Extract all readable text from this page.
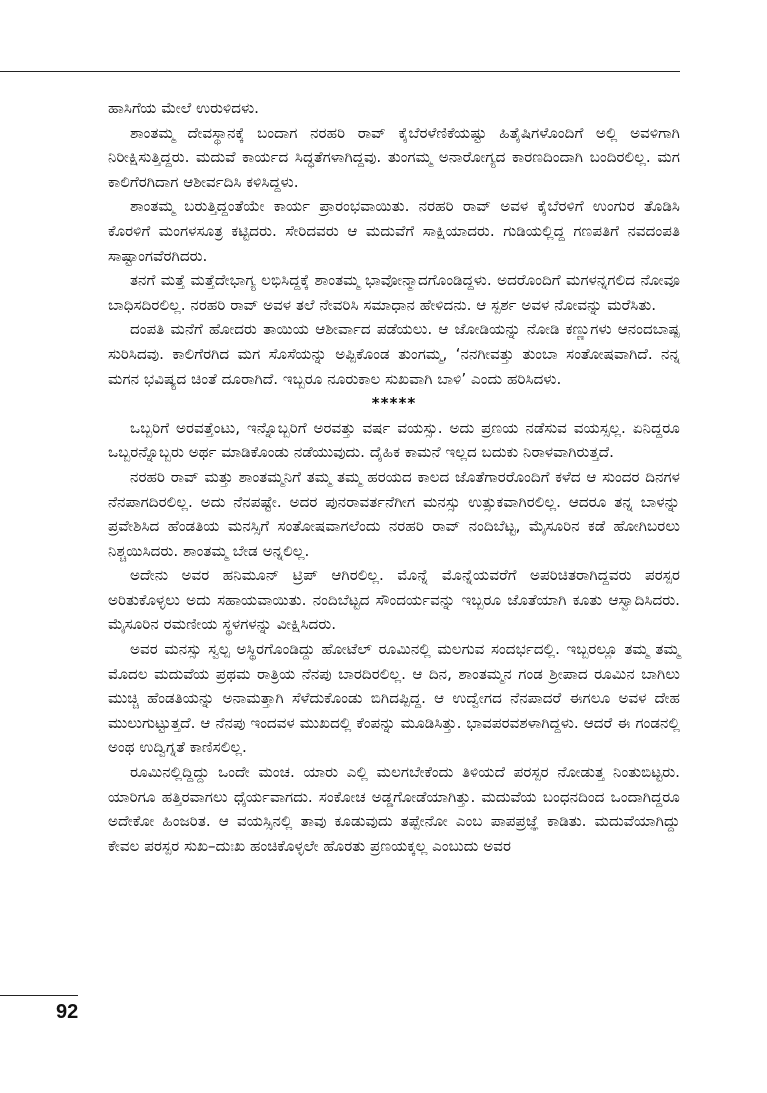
ಹಾಸಿಗೆಯ ಮೇಲೆ ಉರುಳಿದಳು.

ಶಾಂತಮ್ಮ ದೇವಸ್ಥಾನಕ್ಕೆ ಬಂದಾಗ ನರಹರಿ ರಾವ್ ಕೈಬೆರಳೆಣಿಕೆಯಷ್ಟು ಹಿತೈಷಿಗಳೊಂದಿಗೆ ಅಲ್ಲಿ ಅವಳಿಗಾಗಿ ನಿರೀಕ್ಷಿಸುತ್ತಿದ್ದರು. ಮದುವೆ ಕಾರ್ಯದ ಸಿದ್ಧತೆಗಳಾಗಿದ್ದವು. ತುಂಗಮ್ಮ ಅನಾರೋಗ್ಯದ ಕಾರಣದಿಂದಾಗಿ ಬಂದಿರಲಿಲ್ಲ. ಮಗ ಕಾಲಿಗೆರಗಿದಾಗ ಆಶೀರ್ವದಿಸಿ ಕಳಿಸಿದ್ದಳು.

ಶಾಂತಮ್ಮ ಬರುತ್ತಿದ್ದಂತೆಯೇ ಕಾರ್ಯ ಪ್ರಾರಂಭವಾಯಿತು. ನರಹರಿ ರಾವ್ ಅವಳ ಕೈಬೆರಳಿಗೆ ಉಂಗುರ ತೊಡಿಸಿ ಕೊರಳಿಗೆ ಮಂಗಳಸೂತ್ರ ಕಟ್ಟಿದರು. ಸೇರಿದವರು ಆ ಮದುವೆಗೆ ಸಾಕ್ಷಿಯಾದರು. ಗುಡಿಯಲ್ಲಿದ್ದ ಗಣಪತಿಗೆ ನವದಂಪತಿ ಸಾಷ್ಟಾಂಗವೆರಗಿದರು.

ತನಗೆ ಮತ್ತೆ ಮತ್ತೆದೇಭಾಗ್ಯ ಲಭಿಸಿದ್ದಕ್ಕೆ ಶಾಂತಮ್ಮ ಭಾವೋನ್ಮಾದಗೊಂಡಿದ್ದಳು. ಅದರೊಂದಿಗೆ ಮಗಳನ್ನಗಲಿದ ನೋವೂ ಬಾಧಿಸದಿರಲಿಲ್ಲ. ನರಹರಿ ರಾವ್ ಅವಳ ತಲೆ ನೇವರಿಸಿ ಸಮಾಧಾನ ಹೇಳಿದನು. ಆ ಸ್ಪರ್ಶ ಅವಳ ನೋವನ್ನು ಮರೆಸಿತು.

ದಂಪತಿ ಮನೆಗೆ ಹೋದರು ತಾಯಿಯ ಆಶೀರ್ವಾದ ಪಡೆಯಲು. ಆ ಜೋಡಿಯನ್ನು ನೋಡಿ ಕಣ್ಣುಗಳು ಆನಂದಬಾಷ್ಪ ಸುರಿಸಿದವು. ಕಾಲಿಗೆರಗಿದ ಮಗ ಸೊಸೆಯನ್ನು ಅಪ್ಪಿಕೊಂಡ ತುಂಗಮ್ಮ, ‘ನನಗೀವತ್ತು ತುಂಬಾ ಸಂತೋಷವಾಗಿದೆ. ನನ್ನ ಮಗನ ಭವಿಷ್ಯದ ಚಿಂತೆ ದೂರಾಗಿದೆ. ಇಬ್ಬರೂ ನೂರುಕಾಲ ಸುಖವಾಗಿ ಬಾಳಿ’ ಎಂದು ಹರಿಸಿದಳು.

*****

ಒಬ್ಬರಿಗೆ ಅರವತ್ತೆಂಟು, ಇನ್ನೊಬ್ಬರಿಗೆ ಅರವತ್ತು ವರ್ಷ ವಯಸ್ಸು. ಅದು ಪ್ರಣಯ ನಡೆಸುವ ವಯಸ್ಸಲ್ಲ. ಏನಿದ್ದರೂ ಒಬ್ಬರನ್ನೊಬ್ಬರು ಅರ್ಥ ಮಾಡಿಕೊಂಡು ನಡೆಯುವುದು. ದೈಹಿಕ ಕಾಮನೆ ಇಲ್ಲದ ಬದುಕು ನಿರಾಳವಾಗಿರುತ್ತದೆ.

ನರಹರಿ ರಾವ್ ಮತ್ತು ಶಾಂತಮ್ಮನಿಗೆ ತಮ್ಮ ತಮ್ಮ ಹರಯದ ಕಾಲದ ಜೊತೆಗಾರರೊಂದಿಗೆ ಕಳೆದ ಆ ಸುಂದರ ದಿನಗಳ ನೆನಪಾಗದಿರಲಿಲ್ಲ. ಅದು ನೆನಪಷ್ಟೇ. ಅದರ ಪುನರಾವರ್ತನೆಗೀಗ ಮನಸ್ಸು ಉತ್ಸುಕವಾಗಿರಲಿಲ್ಲ. ಆದರೂ ತನ್ನ ಬಾಳನ್ನು ಪ್ರವೇಶಿಸಿದ ಹೆಂಡತಿಯ ಮನಸ್ಸಿಗೆ ಸಂತೋಷವಾಗಲೆಂದು ನರಹರಿ ರಾವ್ ನಂದಿಬೆಟ್ಟ, ಮೈಸೂರಿನ ಕಡೆ ಹೋಗಿಬರಲು ನಿಶ್ಚಯಿಸಿದರು. ಶಾಂತಮ್ಮ ಬೇಡ ಅನ್ನಲಿಲ್ಲ.

ಅದೇನು ಅವರ ಹನಿಮೂನ್ ಟ್ರಿಪ್ ಆಗಿರಲಿಲ್ಲ. ಮೊನ್ನೆ ಮೊನ್ನೆಯವರೆಗೆ ಅಪರಿಚಿತರಾಗಿದ್ದವರು ಪರಸ್ಪರ ಅರಿತುಕೊಳ್ಳಲು ಅದು ಸಹಾಯವಾಯಿತು. ನಂದಿಬೆಟ್ಟದ ಸೌಂದರ್ಯವನ್ನು ಇಬ್ಬರೂ ಜೊತೆಯಾಗಿ ಕೂತು ಆಸ್ವಾದಿಸಿದರು. ಮೈಸೂರಿನ ರಮಣೀಯ ಸ್ಥಳಗಳನ್ನು ವೀಕ್ಷಿಸಿದರು.

ಅವರ ಮನಸ್ಸು ಸ್ವಲ್ಪ ಅಸ್ಥಿರಗೊಂಡಿದ್ದು ಹೋಟೆಲ್ ರೂಮಿನಲ್ಲಿ ಮಲಗುವ ಸಂದರ್ಭದಲ್ಲಿ. ಇಬ್ಬರಲ್ಲೂ ತಮ್ಮ ತಮ್ಮ ಮೊದಲ ಮದುವೆಯ ಪ್ರಥಮ ರಾತ್ರಿಯ ನೆನಪು ಬಾರದಿರಲಿಲ್ಲ. ಆ ದಿನ, ಶಾಂತಮ್ಮನ ಗಂಡ ಶ್ರೀಪಾದ ರೂಮಿನ ಬಾಗಿಲು ಮುಚ್ಚಿ ಹೆಂಡತಿಯನ್ನು ಅನಾಮತ್ತಾಗಿ ಸೆಳೆದುಕೊಂಡು ಬಿಗಿದಪ್ಪಿದ್ದ. ಆ ಉದ್ವೇಗದ ನೆನಪಾದರೆ ಈಗಲೂ ಅವಳ ದೇಹ ಮುಲುಗುಟ್ಟುತ್ತದೆ. ಆ ನೆನಪು ಇಂದವಳ ಮುಖದಲ್ಲಿ ಕೆಂಪನ್ನು ಮೂಡಿಸಿತ್ತು. ಭಾವಪರವಶಳಾಗಿದ್ದಳು. ಆದರೆ ಈ ಗಂಡನಲ್ಲಿ ಅಂಥ ಉದ್ವಿಗ್ನತೆ ಕಾಣಿಸಲಿಲ್ಲ.

ರೂಮಿನಲ್ಲಿದ್ದಿದ್ದು ಒಂದೇ ಮಂಚ. ಯಾರು ಎಲ್ಲಿ ಮಲಗಬೇಕೆಂದು ತಿಳಿಯದೆ ಪರಸ್ಪರ ನೋಡುತ್ತ ನಿಂತುಬಿಟ್ಟರು. ಯಾರಿಗೂ ಹತ್ತಿರವಾಗಲು ಧೈರ್ಯವಾಗದು. ಸಂಕೋಚ ಅಡ್ಡಗೋಡೆಯಾಗಿತ್ತು. ಮದುವೆಯ ಬಂಧನದಿಂದ ಒಂದಾಗಿದ್ದರೂ ಅದೇಕೋ ಹಿಂಜರಿತ. ಆ ವಯಸ್ಸಿನಲ್ಲಿ ತಾವು ಕೂಡುವುದು ತಪ್ಪೇನೋ ಎಂಬ ಪಾಪಪ್ರಜ್ಞೆ ಕಾಡಿತು. ಮದುವೆಯಾಗಿದ್ದು ಕೇವಲ ಪರಸ್ಪರ ಸುಖ–ದುಃಖ ಹಂಚಿಕೊಳ್ಳಲೇ ಹೊರತು ಪ್ರಣಯಕ್ಕಲ್ಲ ಎಂಬುದು ಅವರ

92
